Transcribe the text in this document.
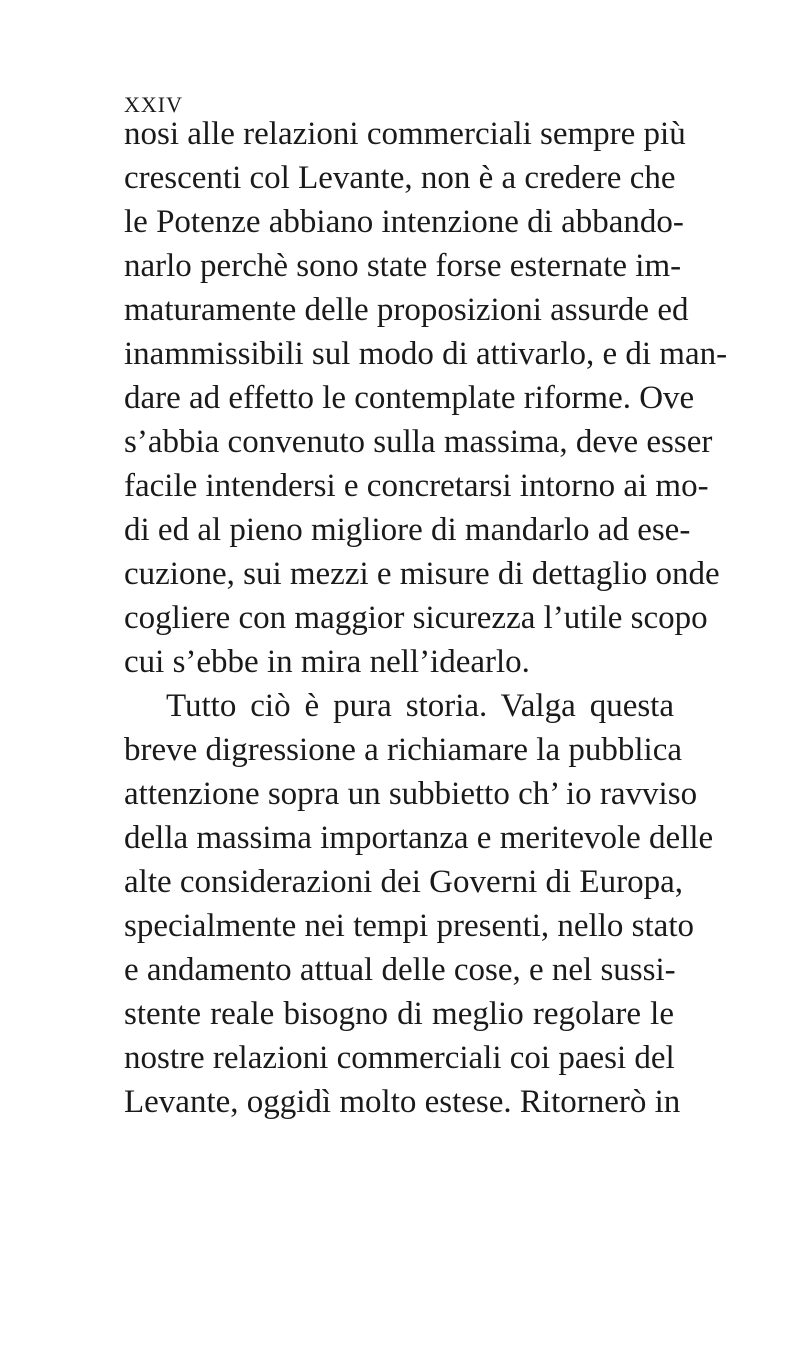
XXIV
nosi alle relazioni commerciali sempre più
crescenti col Levante, non è a credere che
le Potenze abbiano intenzione di abbando-
narlo perchè sono state forse esternate im-
maturamente delle proposizioni assurde ed
inammissibili sul modo di attivarlo, e di man-
dare ad effetto le contemplate riforme. Ove
s’abbia convenuto sulla massima, deve esser
facile intendersi e concretarsi intorno ai mo-
di ed al pieno migliore di mandarlo ad ese-
cuzione, sui mezzi e misure di dettaglio onde
cogliere con maggior sicurezza l’utile scopo
cui s’ebbe in mira nell’idearlo.
Tutto ciò è pura storia. Valga questa
breve digressione a richiamare la pubblica
attenzione sopra un subbietto ch’ io ravviso
della massima importanza e meritevole delle
alte considerazioni dei Governi di Europa,
specialmente nei tempi presenti, nello stato
e andamento attual delle cose, e nel sussi-
stente reale bisogno di meglio regolare le
nostre relazioni commerciali coi paesi del
Levante, oggidì molto estese. Ritornerò in
